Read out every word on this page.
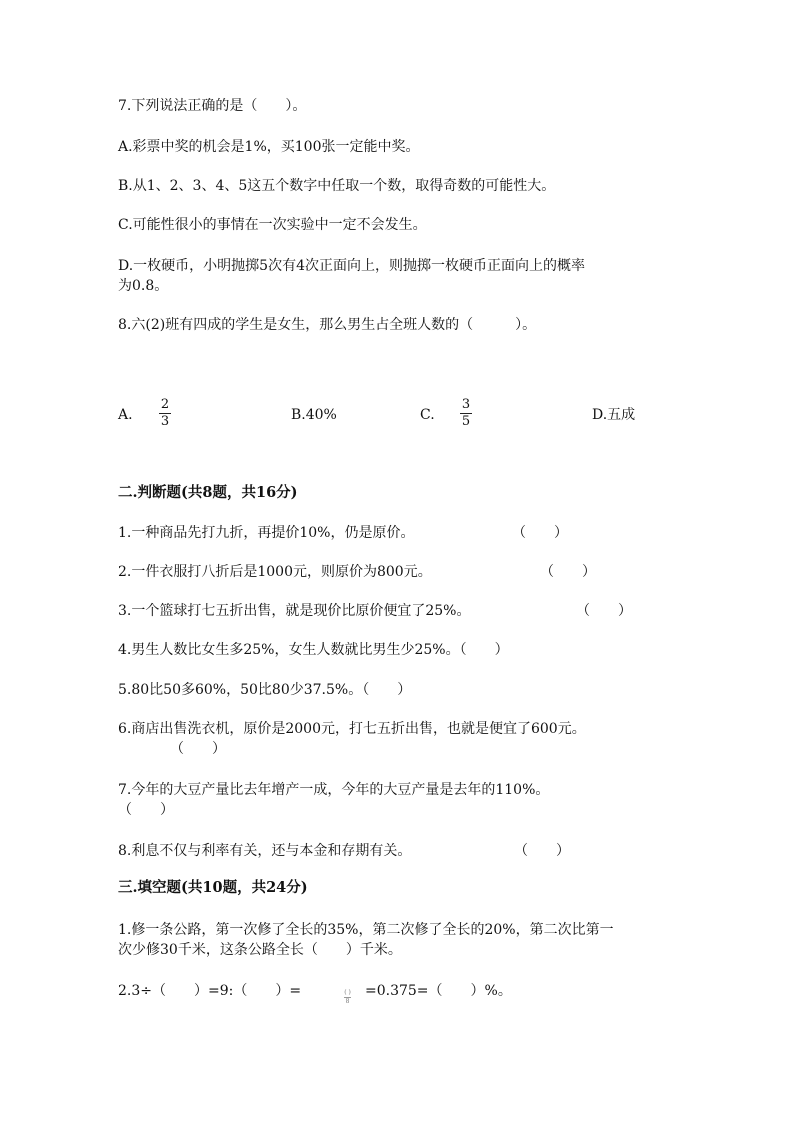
7.下列说法正确的是（　　）。
A.彩票中奖的机会是1%，买100张一定能中奖。
B.从1、2、3、4、5这五个数字中任取一个数，取得奇数的可能性大。
C.可能性很小的事情在一次实验中一定不会发生。
D.一枚硬币，小明抛掷5次有4次正面向上，则抛掷一枚硬币正面向上的概率
为0.8。
8.六(2)班有四成的学生是女生，那么男生占全班人数的（　　　）。
A.
2
3	B.40%	C.
3
5	D.五成
二.判断题(共8题，共16分)
1.一种商品先打九折，再提价10%，仍是原价。	（　　）
2.一件衣服打八折后是1000元，则原价为800元。	（　　）
3.一个篮球打七五折出售，就是现价比原价便宜了25%。	（　　）
4.男生人数比女生多25%，女生人数就比男生少25%。（　　）
5.80比50多60%，50比80少37.5%。（　　）
6.商店出售洗衣机，原价是2000元，打七五折出售，也就是便宜了600元。
（　　）
7.今年的大豆产量比去年增产一成，今年的大豆产量是去年的110%。
（　　）
8.利息不仅与利率有关，还与本金和存期有关。	（　　）
三.填空题(共10题，共24分)
1.修一条公路，第一次修了全长的35%，第二次修了全长的20%，第二次比第一
次少修30千米，这条公路全长（　　）千米。
2.3÷（　　）=9:（　　）=	( )
8
=0.375=（　　）%。
